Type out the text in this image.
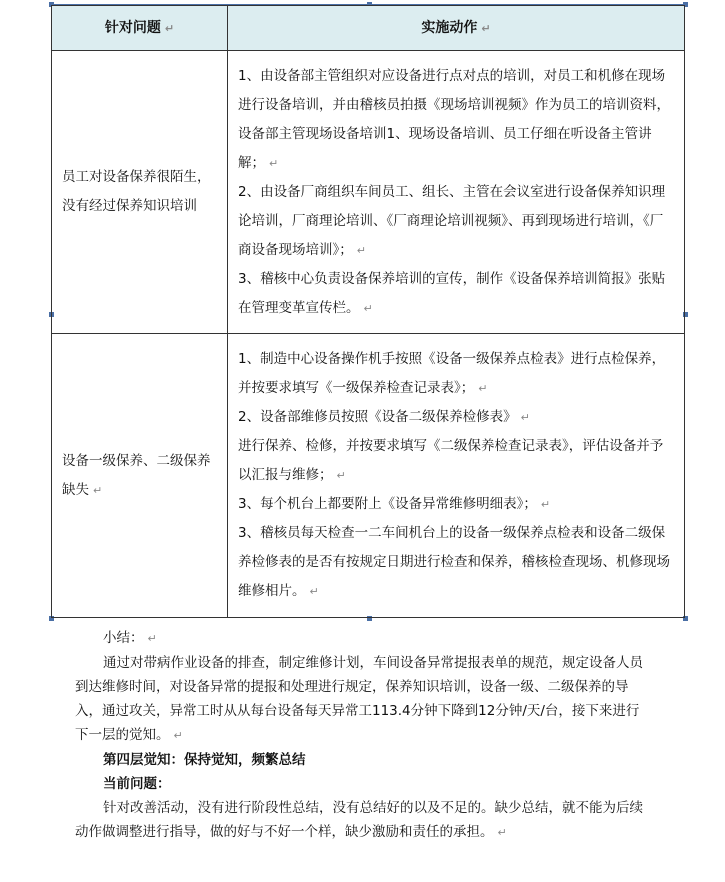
针对问题 ↵	实施动作 ↵
员工对设备保养很陌生，没有经过保养知识培训	1、由设备部主管组织对应设备进行点对点的培训，对员工和机修在现场进行设备培训，并由稽核员拍摄《现场培训视频》作为员工的培训资料，设备部主管现场设备培训1、现场设备培训、员工仔细在听设备主管讲解； ↵

2、由设备厂商组织车间员工、组长、主管在会议室进行设备保养知识理论培训，厂商理论培训、《厂商理论培训视频》、再到现场进行培训，《厂商设备现场培训》； ↵

3、稽核中心负责设备保养培训的宣传，制作《设备保养培训简报》张贴在管理变革宣传栏。 ↵

设备一级保养、二级保养缺失 ↵	1、制造中心设备操作机手按照《设备一级保养点检表》进行点检保养，并按要求填写《一级保养检查记录表》； ↵

2、设备部维修员按照《设备二级保养检修表》 ↵

进行保养、检修，并按要求填写《二级保养检查记录表》，评估设备并予以汇报与维修； ↵

3、每个机台上都要附上《设备异常维修明细表》； ↵

3、稽核员每天检查一二车间机台上的设备一级保养点检表和设备二级保养检修表的是否有按规定日期进行检查和保养，稽核检查现场、机修现场维修相片。 ↵

小结： ↵

通过对带病作业设备的排查，制定维修计划，车间设备异常提报表单的规范，规定设备人员到达维修时间，对设备异常的提报和处理进行规定，保养知识培训，设备一级、二级保养的导入，通过攻关，异常工时从从每台设备每天异常工113.4分钟下降到12分钟/天/台，接下来进行下一层的觉知。 ↵

第四层觉知：保持觉知，频繁总结

当前问题：

针对改善活动，没有进行阶段性总结，没有总结好的以及不足的。缺少总结，就不能为后续动作做调整进行指导，做的好与不好一个样，缺少激励和责任的承担。 ↵
